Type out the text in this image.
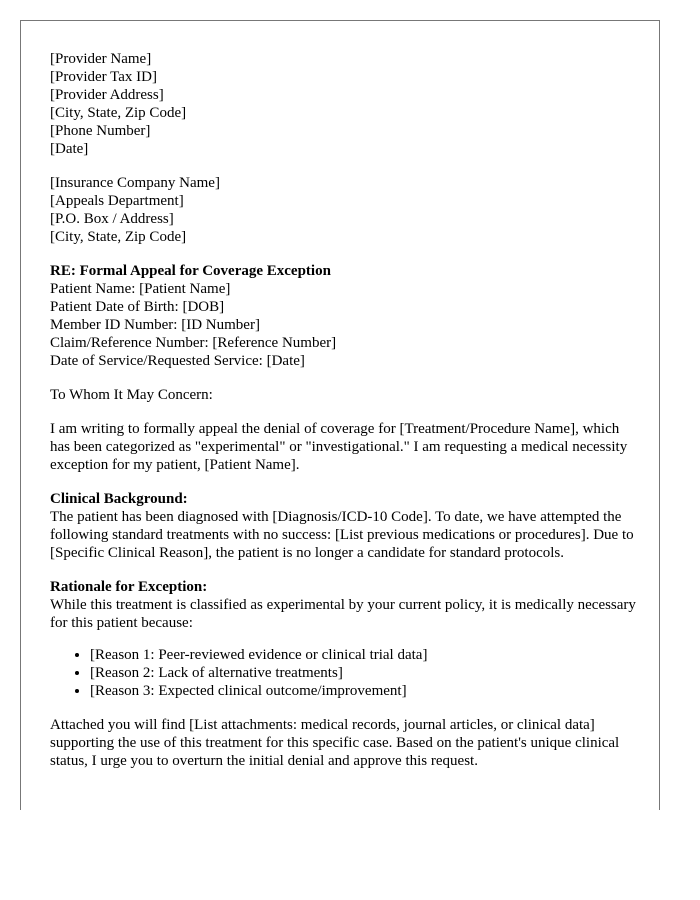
[Provider Name]
[Provider Tax ID]
[Provider Address]
[City, State, Zip Code]
[Phone Number]
[Date]
[Insurance Company Name]
[Appeals Department]
[P.O. Box / Address]
[City, State, Zip Code]
RE: Formal Appeal for Coverage Exception
Patient Name: [Patient Name]
Patient Date of Birth: [DOB]
Member ID Number: [ID Number]
Claim/Reference Number: [Reference Number]
Date of Service/Requested Service: [Date]

To Whom It May Concern:

I am writing to formally appeal the denial of coverage for [Treatment/Procedure Name], which has been categorized as "experimental" or "investigational." I am requesting a medical necessity exception for my patient, [Patient Name].

Clinical Background:
The patient has been diagnosed with [Diagnosis/ICD-10 Code]. To date, we have attempted the following standard treatments with no success: [List previous medications or procedures]. Due to [Specific Clinical Reason], the patient is no longer a candidate for standard protocols.
Rationale for Exception:
While this treatment is classified as experimental by your current policy, it is medically necessary for this patient because:
• [Reason 1: Peer-reviewed evidence or clinical trial data]
• [Reason 2: Lack of alternative treatments]
• [Reason 3: Expected clinical outcome/improvement]

Attached you will find [List attachments: medical records, journal articles, or clinical data] supporting the use of this treatment for this specific case. Based on the patient's unique clinical status, I urge you to overturn the initial denial and approve this request.
